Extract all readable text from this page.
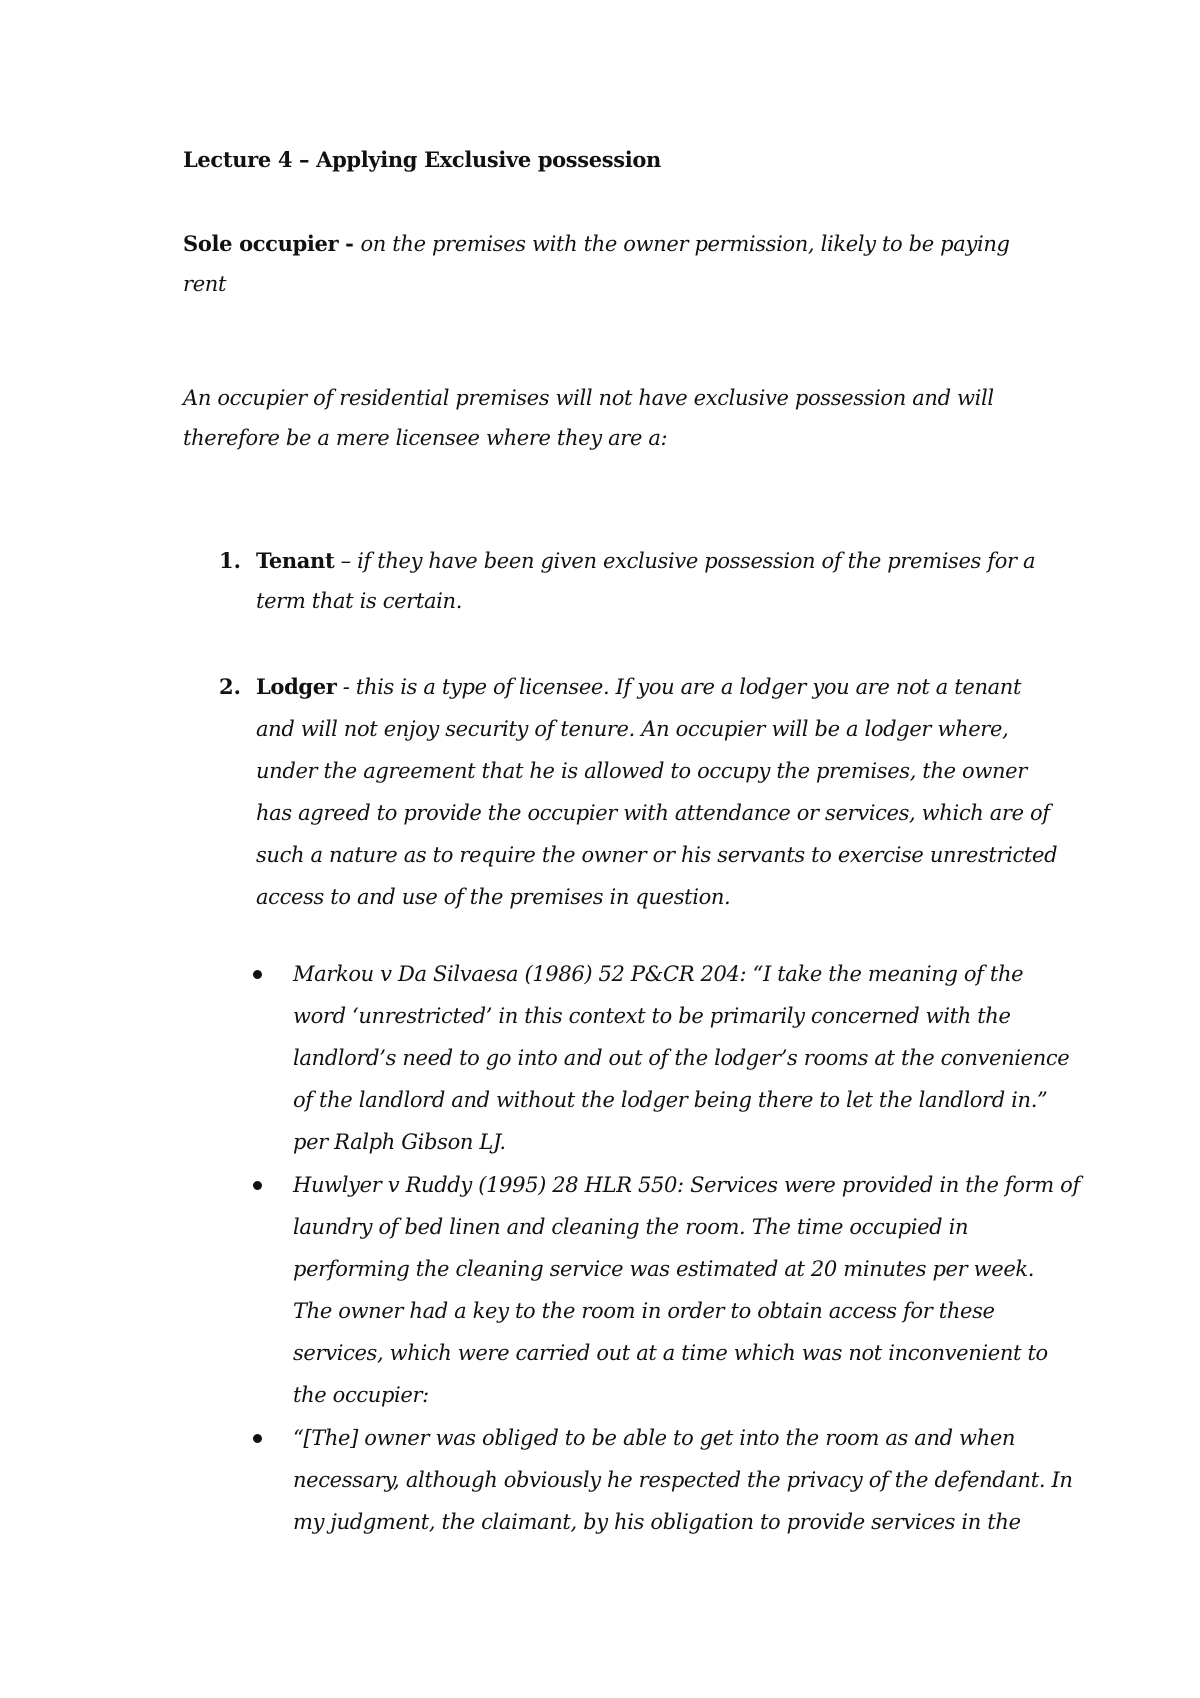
Lecture 4 – Applying Exclusive possession
Sole occupier - on the premises with the owner permission, likely to be paying
rent
An occupier of residential premises will not have exclusive possession and will
therefore be a mere licensee where they are a:
1. Tenant – if they have been given exclusive possession of the premises for a
term that is certain.
2. Lodger - this is a type of licensee. If you are a lodger you are not a tenant
and will not enjoy security of tenure. An occupier will be a lodger where,
under the agreement that he is allowed to occupy the premises, the owner
has agreed to provide the occupier with attendance or services, which are of
such a nature as to require the owner or his servants to exercise unrestricted
access to and use of the premises in question.
Markou v Da Silvaesa (1986) 52 P&CR 204: “I take the meaning of the
word ‘unrestricted’ in this context to be primarily concerned with the
landlord’s need to go into and out of the lodger’s rooms at the convenience
of the landlord and without the lodger being there to let the landlord in.”
per Ralph Gibson LJ.
Huwlyer v Ruddy (1995) 28 HLR 550: Services were provided in the form of
laundry of bed linen and cleaning the room. The time occupied in
performing the cleaning service was estimated at 20 minutes per week.
The owner had a key to the room in order to obtain access for these
services, which were carried out at a time which was not inconvenient to
the occupier:
“[The] owner was obliged to be able to get into the room as and when
necessary, although obviously he respected the privacy of the defendant. In
my judgment, the claimant, by his obligation to provide services in the
